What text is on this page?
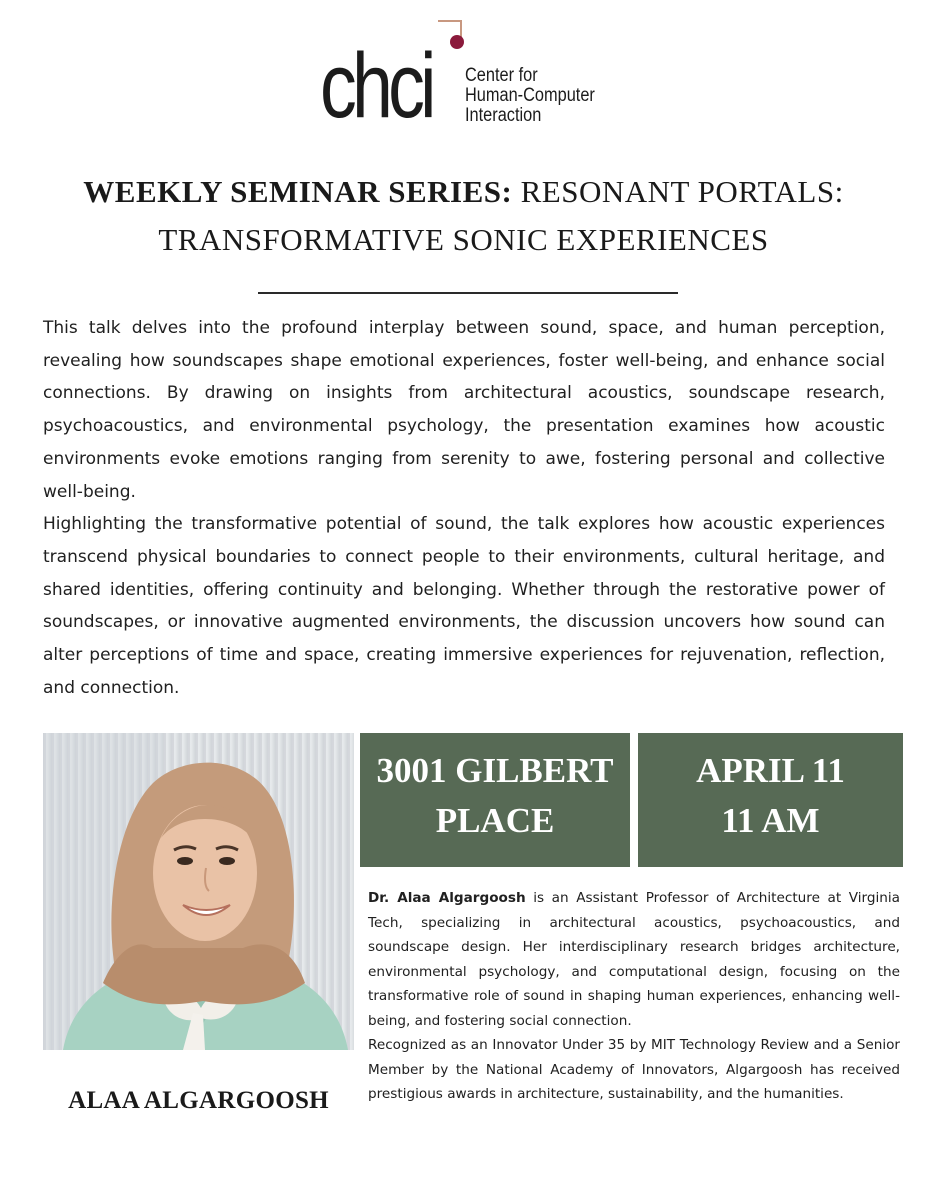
chci Center for
Human-Computer
Interaction
WEEKLY SEMINAR SERIES: RESONANT PORTALS:
TRANSFORMATIVE SONIC EXPERIENCES

This talk delves into the profound interplay between sound, space, and human perception, revealing how soundscapes shape emotional experiences, foster well-being, and enhance social connections. By drawing on insights from architectural acoustics, soundscape research, psychoacoustics, and environmental psychology, the presentation examines how acoustic environments evoke emotions ranging from serenity to awe, fostering personal and collective well-being.

Highlighting the transformative potential of sound, the talk explores how acoustic experiences transcend physical boundaries to connect people to their environments, cultural heritage, and shared identities, offering continuity and belonging. Whether through the restorative power of soundscapes, or innovative augmented environments, the discussion uncovers how sound can alter perceptions of time and space, creating immersive experiences for rejuvenation, reflection, and connection.

ALAA ALGARGOOSH
3001 GILBERT
PLACE
APRIL 11
11 AM

Dr. Alaa Algargoosh is an Assistant Professor of Architecture at Virginia Tech, specializing in architectural acoustics, psychoacoustics, and soundscape design. Her interdisciplinary research bridges architecture, environmental psychology, and computational design, focusing on the transformative role of sound in shaping human experiences, enhancing well-being, and fostering social connection.

Recognized as an Innovator Under 35 by MIT Technology Review and a Senior Member by the National Academy of Innovators, Algargoosh has received prestigious awards in architecture, sustainability, and the humanities.
